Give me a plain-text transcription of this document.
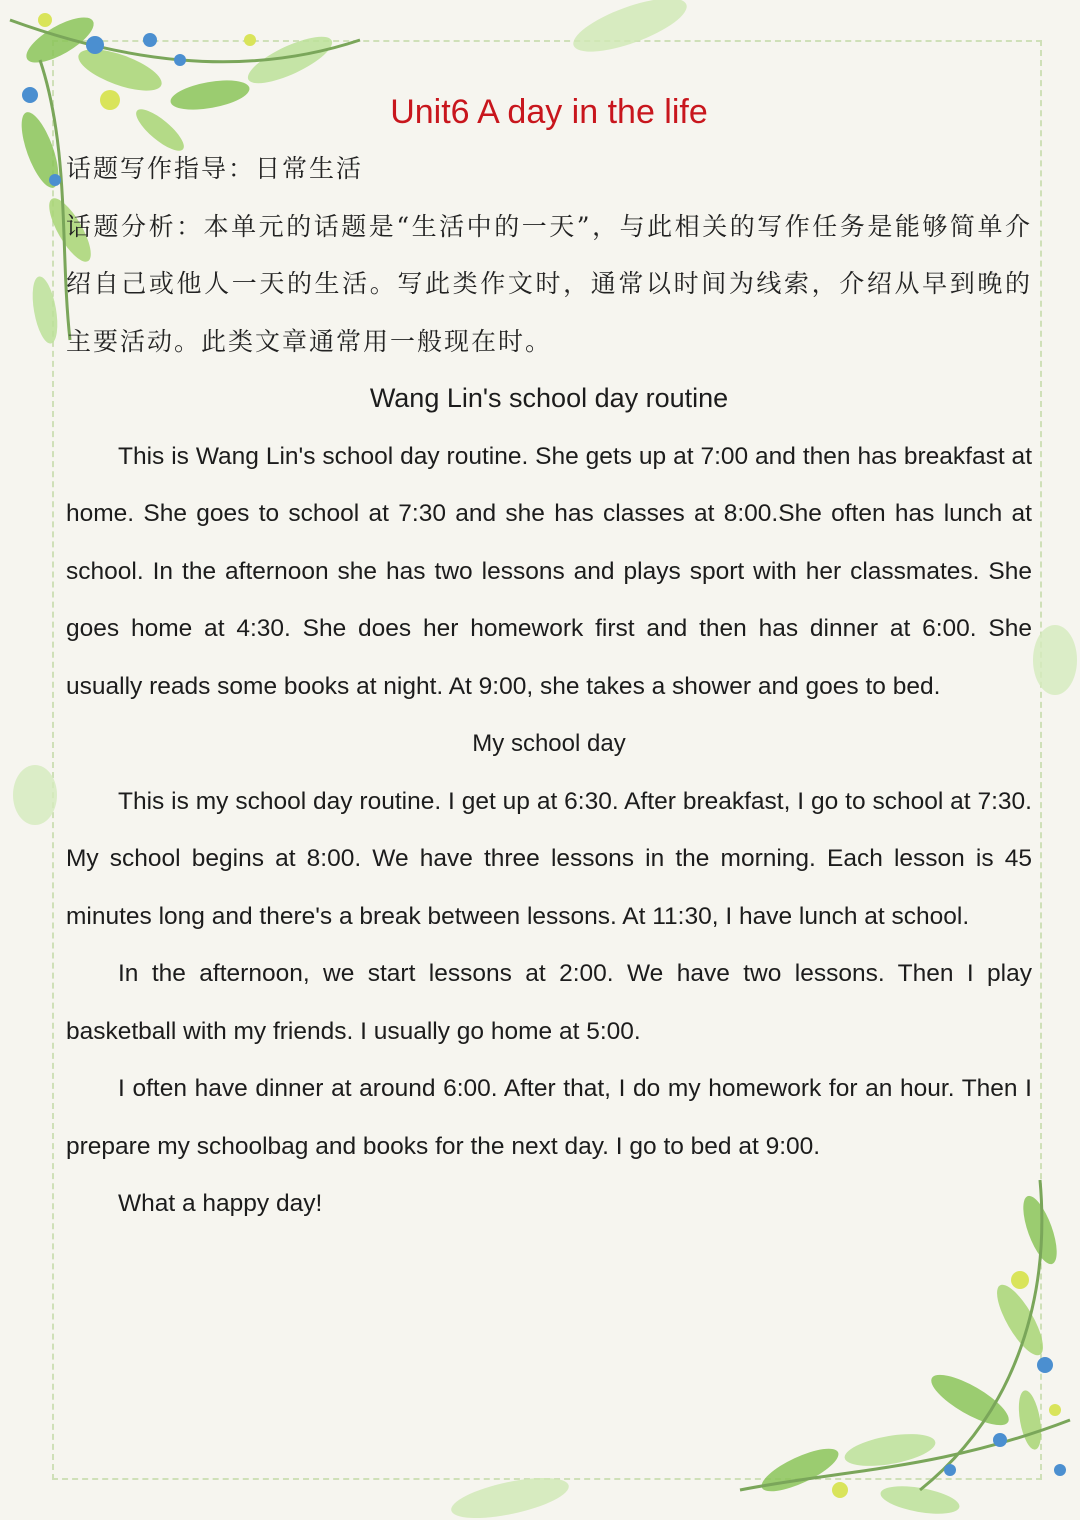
Unit6 A day in the life

话题写作指导：日常生活

话题分析：本单元的话题是“生活中的一天”，与此相关的写作任务是能够简单介绍自己或他人一天的生活。写此类作文时，通常以时间为线索，介绍从早到晚的主要活动。此类文章通常用一般现在时。

Wang Lin's school day routine

This is Wang Lin's school day routine. She gets up at 7:00 and then has breakfast at home. She goes to school at 7:30 and she has classes at 8:00.She often has lunch at school. In the afternoon she has two lessons and plays sport with her classmates. She goes home at 4:30. She does her homework first and then has dinner at 6:00. She usually reads some books at night. At 9:00, she takes a shower and goes to bed.

My school day

This is my school day routine. I get up at 6:30. After breakfast, I go to school at 7:30. My school begins at 8:00. We have three lessons in the morning. Each lesson is 45 minutes long and there's a break between lessons. At 11:30, I have lunch at school.

In the afternoon, we start lessons at 2:00. We have two lessons. Then I play basketball with my friends. I usually go home at 5:00.

I often have dinner at around 6:00. After that, I do my homework for an hour. Then I prepare my schoolbag and books for the next day. I go to bed at 9:00.

What a happy day!
